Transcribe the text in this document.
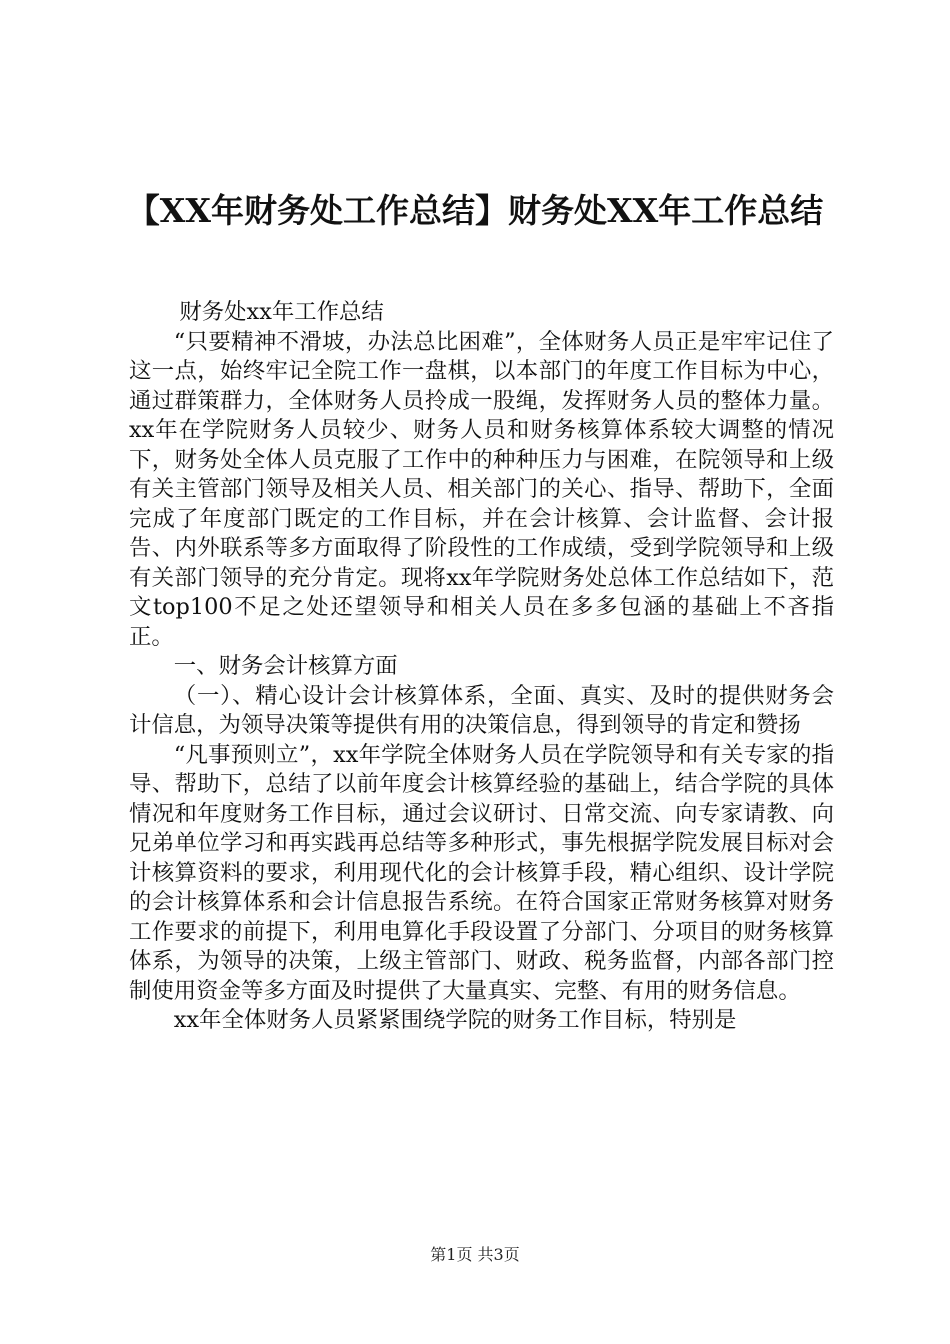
【XX年财务处工作总结】财务处XX年工作总结

财务处xx年工作总结

“只要精神不滑坡，办法总比困难”，全体财务人员正是牢牢记住了这一点，始终牢记全院工作一盘棋，以本部门的年度工作目标为中心，通过群策群力，全体财务人员拎成一股绳，发挥财务人员的整体力量。xx年在学院财务人员较少、财务人员和财务核算体系较大调整的情况下，财务处全体人员克服了工作中的种种压力与困难，在院领导和上级有关主管部门领导及相关人员、相关部门的关心、指导、帮助下，全面完成了年度部门既定的工作目标，并在会计核算、会计监督、会计报告、内外联系等多方面取得了阶段性的工作成绩，受到学院领导和上级有关部门领导的充分肯定。现将xx年学院财务处总体工作总结如下，范文top100不足之处还望领导和相关人员在多多包涵的基础上不吝指正。

一、财务会计核算方面

（一）、精心设计会计核算体系，全面、真实、及时的提供财务会计信息，为领导决策等提供有用的决策信息，得到领导的肯定和赞扬

“凡事预则立”，xx年学院全体财务人员在学院领导和有关专家的指导、帮助下，总结了以前年度会计核算经验的基础上，结合学院的具体情况和年度财务工作目标，通过会议研讨、日常交流、向专家请教、向兄弟单位学习和再实践再总结等多种形式，事先根据学院发展目标对会计核算资料的要求，利用现代化的会计核算手段，精心组织、设计学院的会计核算体系和会计信息报告系统。在符合国家正常财务核算对财务工作要求的前提下，利用电算化手段设置了分部门、分项目的财务核算体系，为领导的决策，上级主管部门、财政、税务监督，内部各部门控制使用资金等多方面及时提供了大量真实、完整、有用的财务信息。

xx年全体财务人员紧紧围绕学院的财务工作目标，特别是

第1页 共3页
